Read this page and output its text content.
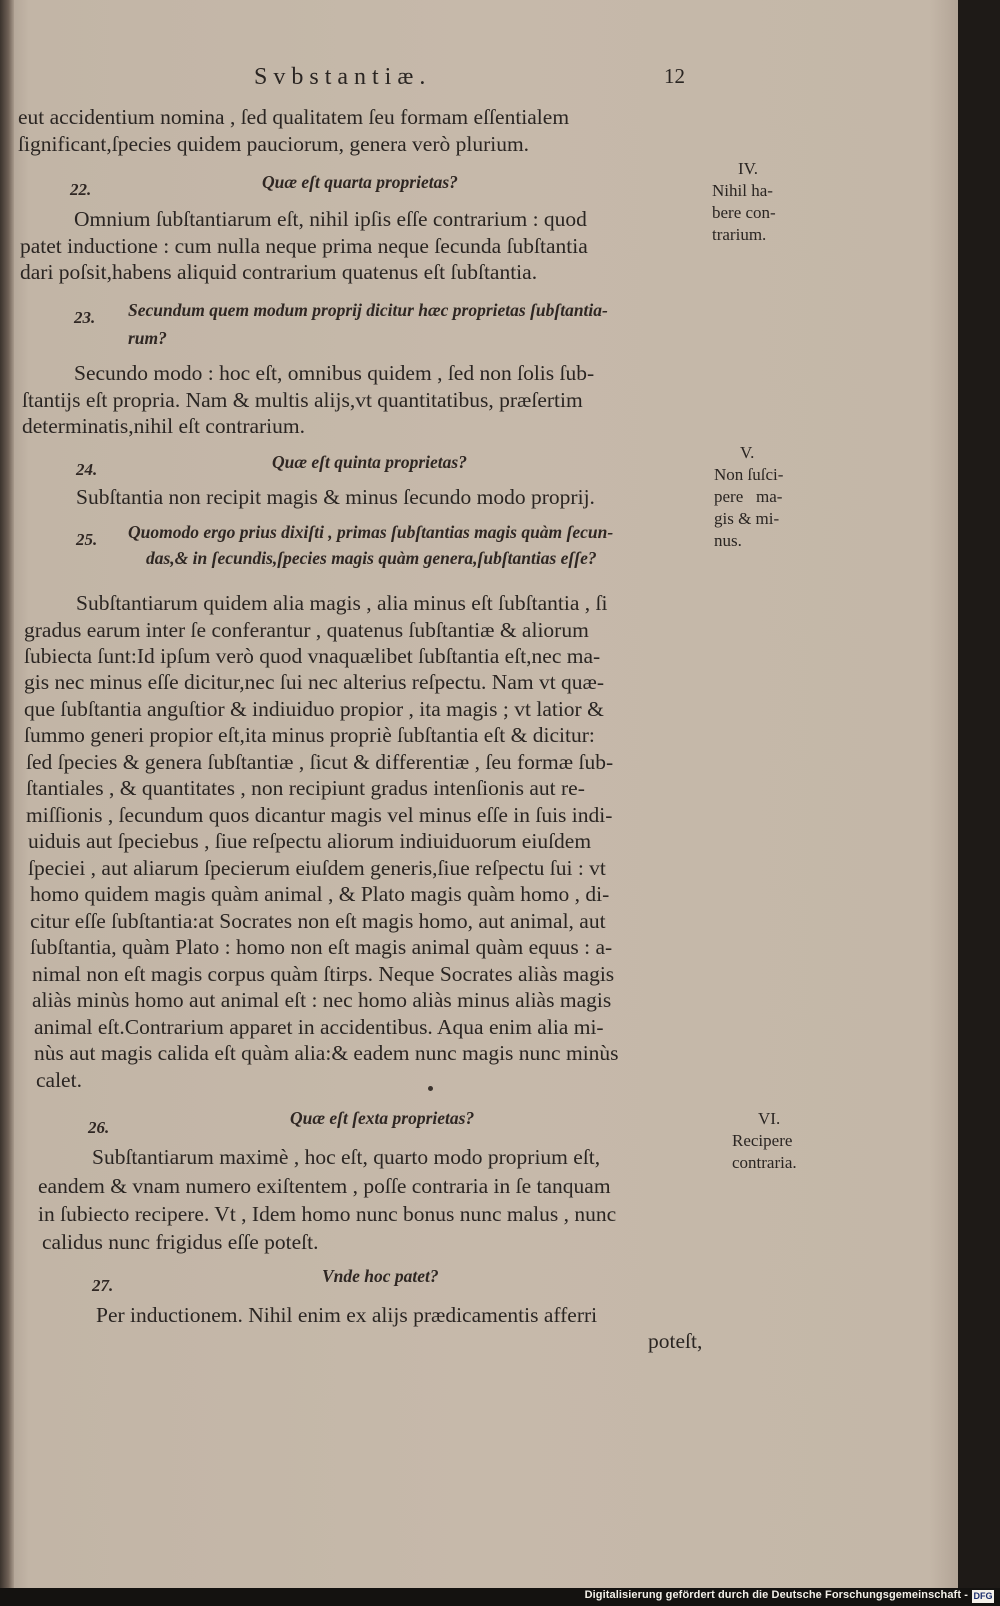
Svbstantiæ.	12
eut accidentium nomina , ſed qualitatem ſeu formam eſſentialem
ſignificant,ſpecies quidem pauciorum, genera verò plurium.
22.	Quæ eſt quarta proprietas?
Omnium ſubſtantiarum eſt, nihil ipſis eſſe contrarium : quod
patet inductione : cum nulla neque prima neque ſecunda ſubſtantia
dari poſsit,habens aliquid contrarium quatenus eſt ſubſtantia.
23. Secundum quem modum proprij dicitur hæc proprietas ſubſtantia-
rum?
Secundo modo : hoc eſt, omnibus quidem , ſed non ſolis ſub-
ſtantijs eſt propria. Nam & multis alijs,vt quantitatibus, præſertim
determinatis,nihil eſt contrarium.
24.	Quæ eſt quinta proprietas?
Subſtantia non recipit magis & minus ſecundo modo proprij.
25. Quomodo ergo prius dixiſti , primas ſubſtantias magis quàm ſecun-
das,& in ſecundis,ſpecies magis quàm genera,ſubſtantias eſſe?
Subſtantiarum quidem alia magis , alia minus eſt ſubſtantia , ſi
gradus earum inter ſe conferantur , quatenus ſubſtantiæ & aliorum
ſubiecta ſunt:Id ipſum verò quod vnaquælibet ſubſtantia eſt,nec ma-
gis nec minus eſſe dicitur,nec ſui nec alterius reſpectu. Nam vt quæ-
que ſubſtantia anguſtior & indiuiduo propior , ita magis ; vt latior &
ſummo generi propior eſt,ita minus propriè ſubſtantia eſt & dicitur:
ſed ſpecies & genera ſubſtantiæ , ſicut & differentiæ , ſeu formæ ſub-
ſtantiales , & quantitates , non recipiunt gradus intenſionis aut re-
miſſionis , ſecundum quos dicantur magis vel minus eſſe in ſuis indi-
uiduis aut ſpeciebus , ſiue reſpectu aliorum indiuiduorum eiuſdem
ſpeciei , aut aliarum ſpecierum eiuſdem generis,ſiue reſpectu ſui : vt
homo quidem magis quàm animal , & Plato magis quàm homo , di-
citur eſſe ſubſtantia:at Socrates non eſt magis homo, aut animal, aut
ſubſtantia, quàm Plato : homo non eſt magis animal quàm equus : a-
nimal non eſt magis corpus quàm ſtirps. Neque Socrates aliàs magis
aliàs minùs homo aut animal eſt : nec homo aliàs minus aliàs magis
animal eſt.Contrarium apparet in accidentibus. Aqua enim alia mi-
nùs aut magis calida eſt quàm alia:& eadem nunc magis nunc minùs
calet.
26.	Quæ eſt ſexta proprietas?
Subſtantiarum maximè , hoc eſt, quarto modo proprium eſt,
eandem & vnam numero exiſtentem , poſſe contraria in ſe tanquam
in ſubiecto recipere. Vt , Idem homo nunc bonus nunc malus , nunc
calidus nunc frigidus eſſe poteſt.
27.	Vnde hoc patet?
Per inductionem. Nihil enim ex alijs prædicamentis afferri
poteſt,
IV.
Nihil ha-
bere con-
trarium.
V.
Non ſuſci-
pere   ma-
gis & mi-
nus.
VI.
Recipere
contraria.
Digitalisierung gefördert durch die Deutsche Forschungsgemeinschaft - DFG
